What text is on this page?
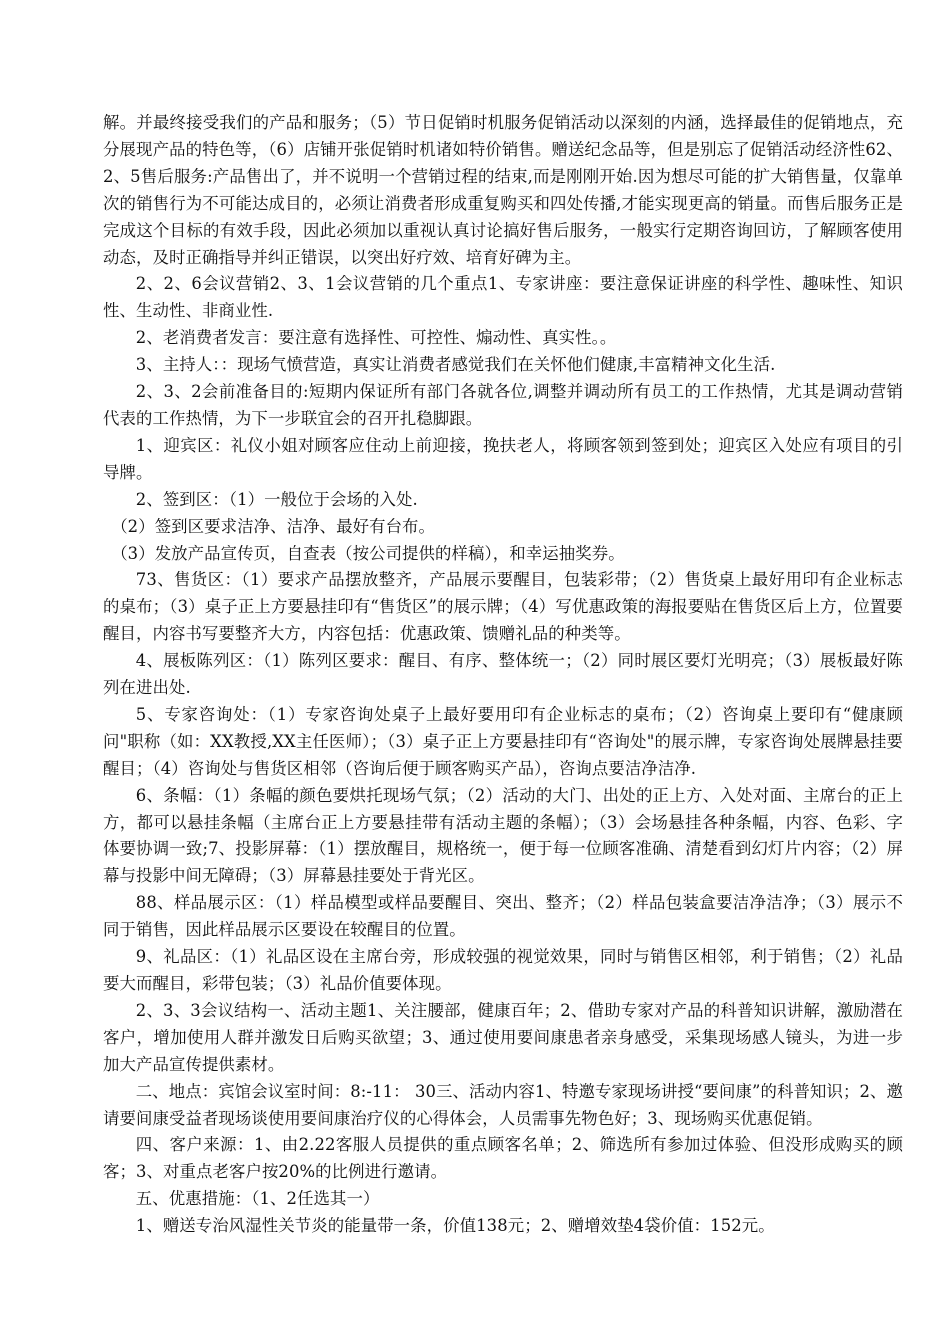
解。并最终接受我们的产品和服务；（5）节日促销时机服务促销活动以深刻的内涵，选择最佳的促销地点，充分展现产品的特色等，（6）店铺开张促销时机诸如特价销售。赠送纪念品等，但是别忘了促销活动经济性62、2、5售后服务:产品售出了，并不说明一个营销过程的结束,而是刚刚开始.因为想尽可能的扩大销售量，仅靠单次的销售行为不可能达成目的，必须让消费者形成重复购买和四处传播,才能实现更高的销量。而售后服务正是完成这个目标的有效手段，因此必须加以重视认真讨论搞好售后服务，一般实行定期咨询回访，了解顾客使用动态，及时正确指导并纠正错误，以突出好疗效、培育好碑为主。

2、2、6会议营销2、3、1会议营销的几个重点1、专家讲座：要注意保证讲座的科学性、趣味性、知识性、生动性、非商业性.

2、老消费者发言：要注意有选择性、可控性、煽动性、真实性。。

3、主持人：：现场气愤营造，真实让消费者感觉我们在关怀他们健康,丰富精神文化生活.

2、3、2会前准备目的:短期内保证所有部门各就各位,调整并调动所有员工的工作热情，尤其是调动营销代表的工作热情，为下一步联宜会的召开扎稳脚跟。

1、迎宾区：礼仪小姐对顾客应住动上前迎接，挽扶老人，将顾客领到签到处；迎宾区入处应有项目的引导牌。

2、签到区：（1）一般位于会场的入处.

（2）签到区要求洁净、洁净、最好有台布。

（3）发放产品宣传页，自查表（按公司提供的样稿），和幸运抽奖券。

73、售货区：（1）要求产品摆放整齐，产品展示要醒目，包装彩带；（2）售货桌上最好用印有企业标志的桌布；（3）桌子正上方要悬挂印有“售货区”的展示牌；（4）写优惠政策的海报要贴在售货区后上方，位置要醒目，内容书写要整齐大方，内容包括：优惠政策、馈赠礼品的种类等。

4、展板陈列区：（1）陈列区要求：醒目、有序、整体统一；（2）同时展区要灯光明亮；（3）展板最好陈列在进出处.

5、专家咨询处：（1）专家咨询处桌子上最好要用印有企业标志的桌布；（2）咨询桌上要印有“健康顾问"职称（如：XX教授,XX主任医师）；（3）桌子正上方要悬挂印有“咨询处"的展示牌，专家咨询处展牌悬挂要醒目；（4）咨询处与售货区相邻（咨询后便于顾客购买产品），咨询点要洁净洁净.

6、条幅：（1）条幅的颜色要烘托现场气氛；（2）活动的大门、出处的正上方、入处对面、主席台的正上方，都可以悬挂条幅（主席台正上方要悬挂带有活动主题的条幅）；（3）会场悬挂各种条幅，内容、色彩、字体要协调一致;7、投影屏幕：（1）摆放醒目，规格统一，便于每一位顾客准确、清楚看到幻灯片内容；（2）屏幕与投影中间无障碍；（3）屏幕悬挂要处于背光区。

88、样品展示区：（1）样品模型或样品要醒目、突出、整齐；（2）样品包装盒要洁净洁净；（3）展示不同于销售，因此样品展示区要设在较醒目的位置。

9、礼品区：（1）礼品区设在主席台旁，形成较强的视觉效果，同时与销售区相邻，利于销售；（2）礼品要大而醒目，彩带包装；（3）礼品价值要体现。

2、3、3会议结构一、活动主题1、关注腰部，健康百年；2、借助专家对产品的科普知识讲解，激励潜在客户，增加使用人群并激发日后购买欲望；3、通过使用要间康患者亲身感受，采集现场感人镜头，为进一步加大产品宣传提供素材。

二、地点：宾馆会议室时间：8:-11： 30三、活动内容1、特邀专家现场讲授“要间康”的科普知识；2、邀请要间康受益者现场谈使用要间康治疗仪的心得体会，人员需事先物色好；3、现场购买优惠促销。

四、客户来源：1、由2.22客服人员提供的重点顾客名单；2、筛选所有参加过体验、但没形成购买的顾客；3、对重点老客户按20%的比例进行邀请。

五、优惠措施：（1、2任选其一）

1、赠送专治风湿性关节炎的能量带一条，价值138元；2、赠增效垫4袋价值：152元。
